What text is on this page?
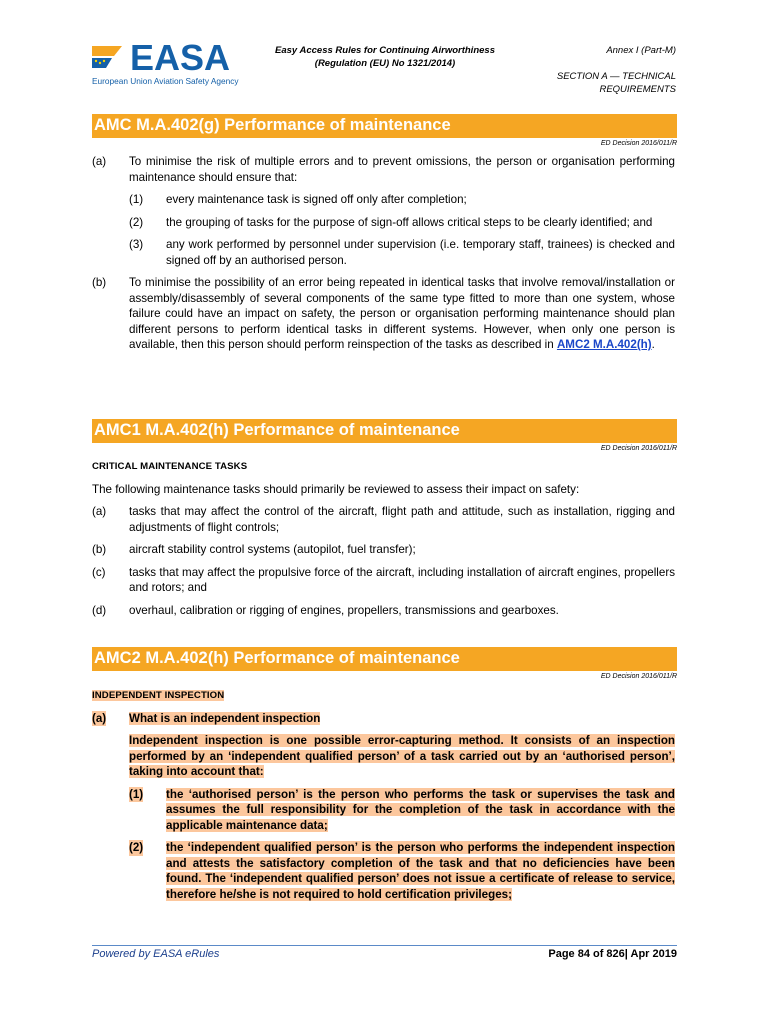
EASA
European Union Aviation Safety Agency
Easy Access Rules for Continuing Airworthiness
(Regulation (EU) No 1321/2014)
Annex I (Part-M)
SECTION A — TECHNICAL
REQUIREMENTS
AMC M.A.402(g) Performance of maintenance
ED Decision 2016/011/R
(a) To minimise the risk of multiple errors and to prevent omissions, the person or organisation performing maintenance should ensure that:
(1) every maintenance task is signed off only after completion;
(2) the grouping of tasks for the purpose of sign-off allows critical steps to be clearly identified; and
(3) any work performed by personnel under supervision (i.e. temporary staff, trainees) is checked and signed off by an authorised person.
(b) To minimise the possibility of an error being repeated in identical tasks that involve removal/installation or assembly/disassembly of several components of the same type fitted to more than one system, whose failure could have an impact on safety, the person or organisation performing maintenance should plan different persons to perform identical tasks in different systems. However, when only one person is available, then this person should perform reinspection of the tasks as described in AMC2 M.A.402(h).
AMC1 M.A.402(h) Performance of maintenance
ED Decision 2016/011/R
CRITICAL MAINTENANCE TASKS
The following maintenance tasks should primarily be reviewed to assess their impact on safety:
(a) tasks that may affect the control of the aircraft, flight path and attitude, such as installation, rigging and adjustments of flight controls;
(b) aircraft stability control systems (autopilot, fuel transfer);
(c) tasks that may affect the propulsive force of the aircraft, including installation of aircraft engines, propellers and rotors; and
(d) overhaul, calibration or rigging of engines, propellers, transmissions and gearboxes.
AMC2 M.A.402(h) Performance of maintenance
ED Decision 2016/011/R
INDEPENDENT INSPECTION
(a) What is an independent inspection
Independent inspection is one possible error-capturing method. It consists of an inspection performed by an ‘independent qualified person’ of a task carried out by an ‘authorised person’, taking into account that:
(1) the ‘authorised person’ is the person who performs the task or supervises the task and assumes the full responsibility for the completion of the task in accordance with the applicable maintenance data;
(2) the ‘independent qualified person’ is the person who performs the independent inspection and attests the satisfactory completion of the task and that no deficiencies have been found. The ‘independent qualified person’ does not issue a certificate of release to service, therefore he/she is not required to hold certification privileges;
Powered by EASA eRules	Page 84 of 826| Apr 2019
